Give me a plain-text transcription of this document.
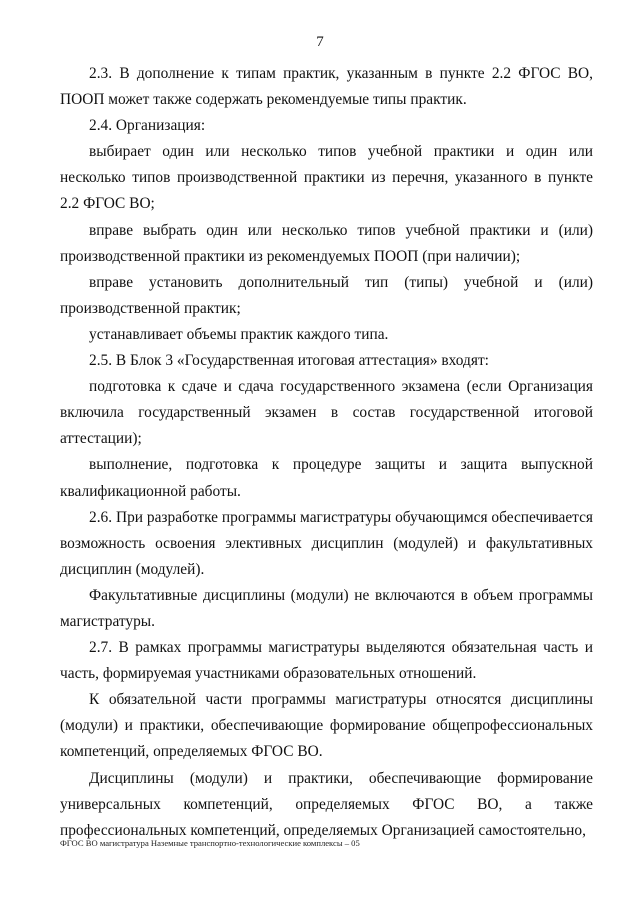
7

2.3. В дополнение к типам практик, указанным в пункте 2.2 ФГОС ВО, ПООП может также содержать рекомендуемые типы практик.

2.4. Организация:

выбирает один или несколько типов учебной практики и один или несколько типов производственной практики из перечня, указанного в пункте 2.2 ФГОС ВО;

вправе выбрать один или несколько типов учебной практики и (или) производственной практики из рекомендуемых ПООП (при наличии);

вправе установить дополнительный тип (типы) учебной и (или) производственной практик;

устанавливает объемы практик каждого типа.

2.5. В Блок 3 «Государственная итоговая аттестация» входят:

подготовка к сдаче и сдача государственного экзамена (если Организация включила государственный экзамен в состав государственной итоговой аттестации);

выполнение, подготовка к процедуре защиты и защита выпускной квалификационной работы.

2.6. При разработке программы магистратуры обучающимся обеспечивается возможность освоения элективных дисциплин (модулей) и факультативных дисциплин (модулей).

Факультативные дисциплины (модули) не включаются в объем программы магистратуры.

2.7. В рамках программы магистратуры выделяются обязательная часть и часть, формируемая участниками образовательных отношений.

К обязательной части программы магистратуры относятся дисциплины (модули) и практики, обеспечивающие формирование общепрофессиональных компетенций, определяемых ФГОС ВО.

Дисциплины (модули) и практики, обеспечивающие формирование универсальных компетенций, определяемых ФГОС ВО, а также профессиональных компетенций, определяемых Организацией самостоятельно,

ФГОС ВО магистратура Наземные транспортно-технологические комплексы – 05
